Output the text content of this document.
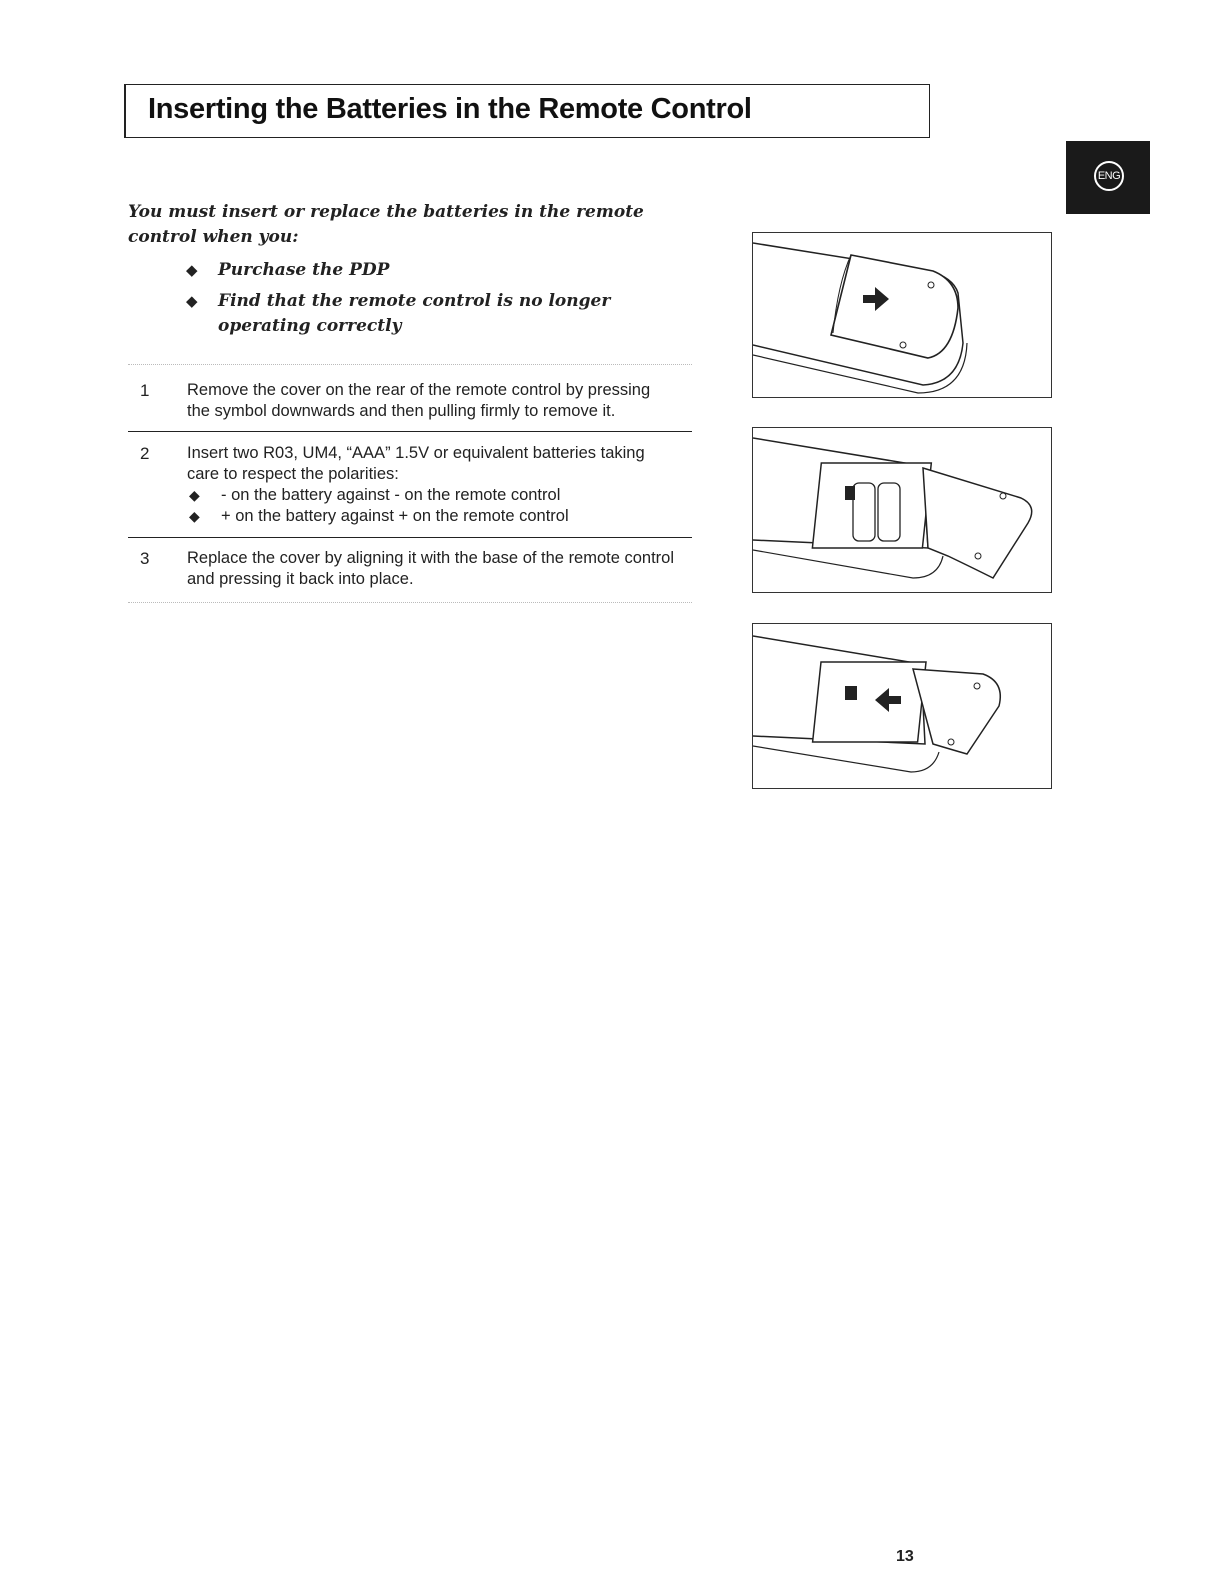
Inserting the Batteries in the Remote Control
ENG
You must insert or replace the batteries in the remote control when you:
◆ Purchase the PDP
◆ Find that the remote control is no longer operating correctly
1 Remove the cover on the rear of the remote control by pressing the symbol downwards and then pulling firmly to remove it.
2 Insert two R03, UM4, “AAA” 1.5V or equivalent batteries taking care to respect the polarities:
◆ - on the battery against - on the remote control
◆ + on the battery against + on the remote control
3 Replace the cover by aligning it with the base of the remote control and pressing it back into place.
13
